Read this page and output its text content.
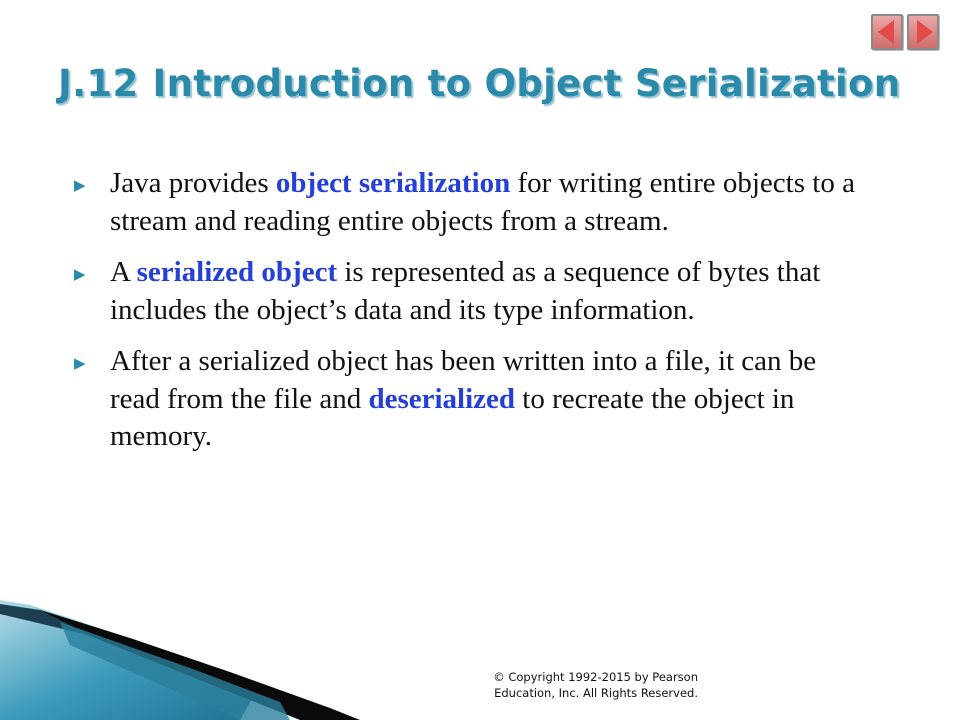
J.12 Introduction to Object Serialization
▶ Java provides object serialization for writing entire objects to a stream and reading entire objects from a stream.
▶ A serialized object is represented as a sequence of bytes that includes the object’s data and its type information.
▶ After a serialized object has been written into a file, it can be read from the file and deserialized to recreate the object in memory.
© Copyright 1992-2015 by Pearson
Education, Inc. All Rights Reserved.
